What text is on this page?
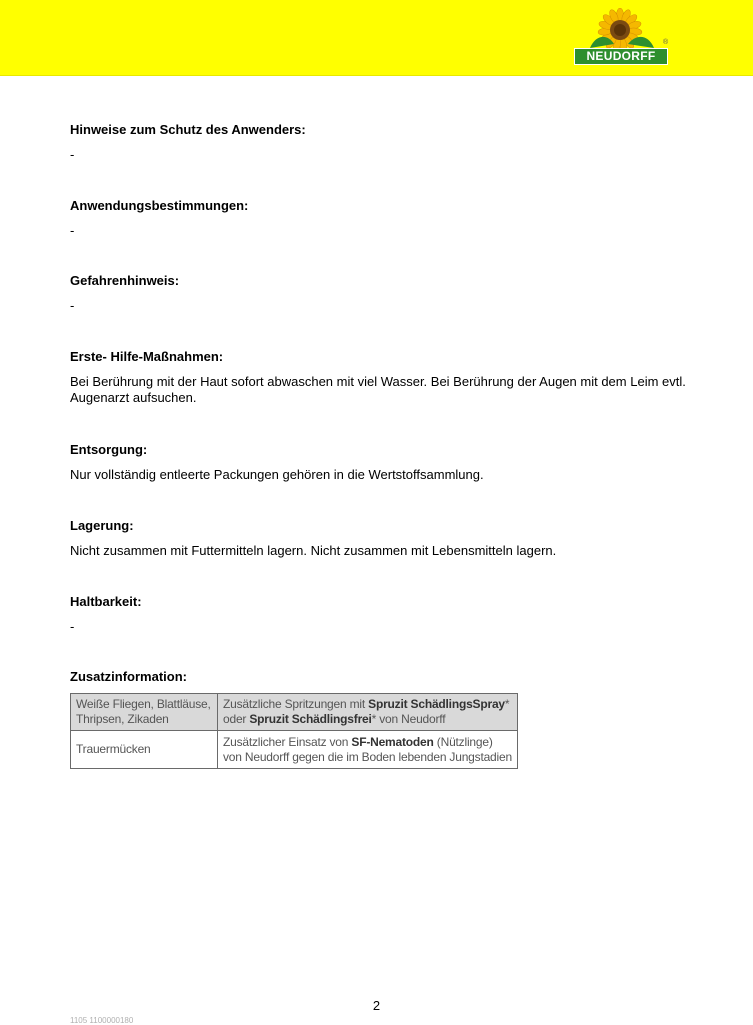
NEUDORFF
®
Hinweise zum Schutz des Anwenders:
-
Anwendungsbestimmungen:
-
Gefahrenhinweis:
-
Erste- Hilfe-Maßnahmen:
Bei Berührung mit der Haut sofort abwaschen mit viel Wasser. Bei Berührung der Augen mit dem Leim evtl. Augenarzt aufsuchen.
Entsorgung:
Nur vollständig entleerte Packungen gehören in die Wertstoffsammlung.
Lagerung:
Nicht zusammen mit Futtermitteln lagern. Nicht zusammen mit Lebensmitteln lagern.
Haltbarkeit:
-
Zusatzinformation:
Weiße Fliegen, Blattläuse, Thripsen, Zikaden	Zusätzliche Spritzungen mit Spruzit SchädlingsSpray* oder Spruzit Schädlingsfrei* von Neudorff
Trauermücken	Zusätzlicher Einsatz von SF-Nematoden (Nützlinge) von Neudorff gegen die im Boden lebenden Jungstadien
2
1105 1100000180
